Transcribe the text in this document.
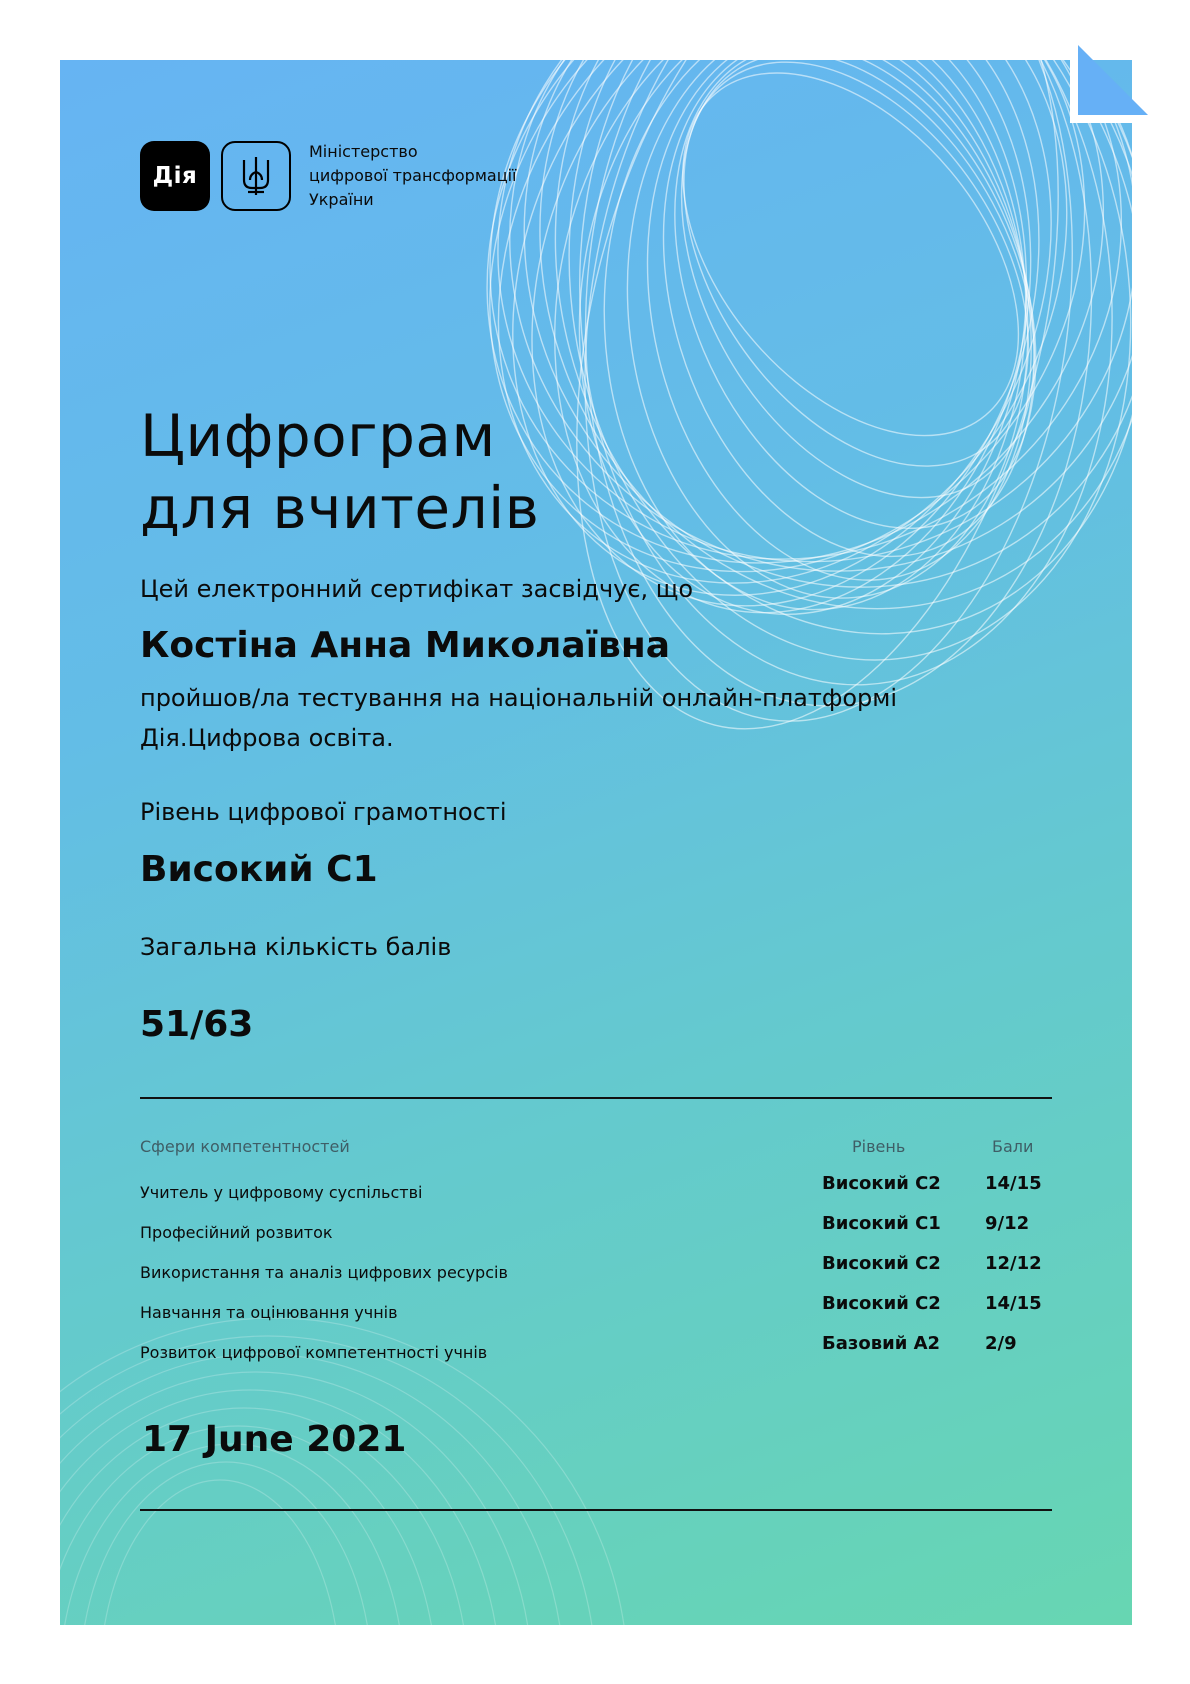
Дія
Міністерство
цифрової трансформації
України
Цифрограм
для вчителів
Цей електронний сертифікат засвідчує, що
Костіна Анна Миколаївна
пройшов/ла тестування на національній онлайн-платформі
Дія.Цифрова освіта.
Рівень цифрової грамотності
Високий С1
Загальна кількість балів
51/63
Сфери компетентностей	Рівень	Бали
Учитель у цифровому суспільстві	Високий С2 14/15
Професійний розвиток	Високий С1 9/12
Використання та аналіз цифрових ресурсів	Високий С2 12/12
Навчання та оцінювання учнів	Високий С2 14/15
Розвиток цифрової компетентності учнів	Базовий А2 2/9
17 June 2021
